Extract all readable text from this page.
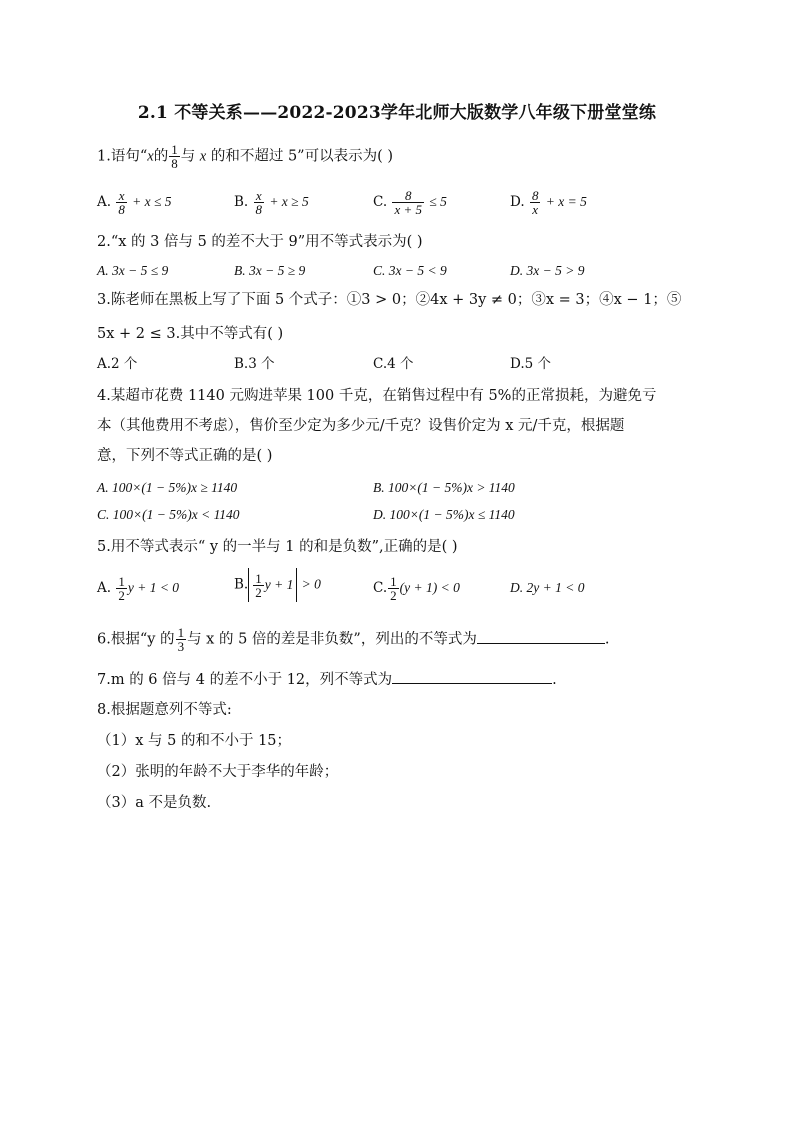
2.1 不等关系——2022-2023学年北师大版数学八年级下册堂堂练
1.语句“x的 $\frac{1}{8}$ 与 x 的和不超过 5”可以表示为( )
A. $\frac{x}{8} + x \le 5$	B. $\frac{x}{8} + x \ge 5$	C. $\frac{8}{x + 5} \le 5$	D. $\frac{8}{x} + x = 5$
2.“x 的 3 倍与 5 的差不大于 9”用不等式表示为( )
A. 3x − 5 ≤ 9	B. 3x − 5 ≥ 9	C. 3x − 5 < 9	D. 3x − 5 > 9
3.陈老师在黑板上写了下面 5 个式子：①3 > 0；②4x + 3y ≠ 0；③x = 3；④x − 1；⑤
5x + 2 ≤ 3.其中不等式有( )
A.2 个	B.3 个	C.4 个	D.5 个
4.某超市花费 1140 元购进苹果 100 千克，在销售过程中有 5%的正常损耗，为避免亏
本（其他费用不考虑），售价至少定为多少元/千克？设售价定为 x 元/千克，根据题
意，下列不等式正确的是( )
A. 100×(1 − 5%)x ≥ 1140	B. 100×(1 − 5%)x > 1140
C. 100×(1 − 5%)x < 1140	D. 100×(1 − 5%)x ≤ 1140
5.用不等式表示“ y 的一半与 1 的和是负数”,正确的是( )
A. $\frac{1}{2}$ y + 1 < 0	B. $\frac{1}{2}$ y + 1 > 0	C. $\frac{1}{2} (y + 1) < 0$	D. 2y + 1 < 0
6.根据“y 的 $\frac{1}{3}$ 与 x 的 5 倍的差是非负数”，列出的不等式为	.
7.m 的 6 倍与 4 的差不小于 12，列不等式为	.
8.根据题意列不等式:
（1）x 与 5 的和不小于 15；
（2）张明的年龄不大于李华的年龄；
（3）a 不是负数.
